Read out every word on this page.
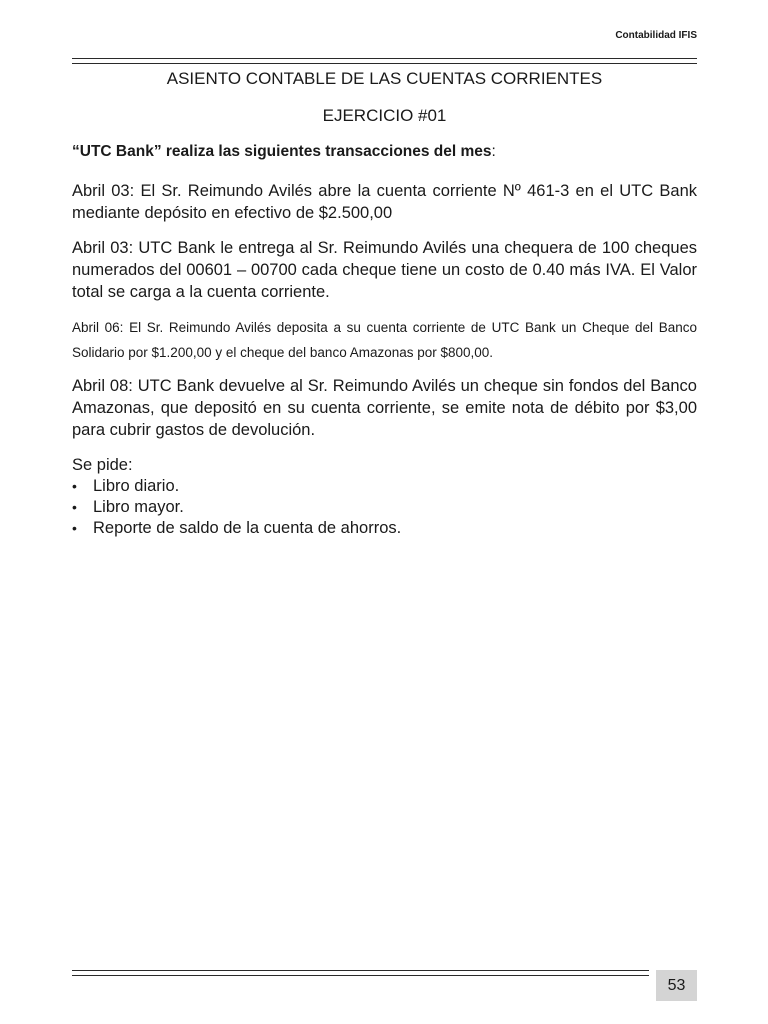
Contabilidad IFIS
ASIENTO CONTABLE DE LAS CUENTAS CORRIENTES
EJERCICIO #01
“UTC Bank” realiza las siguientes transacciones del mes:

Abril 03: El Sr. Reimundo Avilés abre la cuenta corriente Nº 461-3 en el UTC Bank mediante depósito en efectivo de $2.500,00

Abril 03: UTC Bank le entrega al Sr. Reimundo Avilés una chequera de 100 cheques numerados del 00601 – 00700 cada cheque tiene un costo de 0.40 más IVA. El Valor total se carga a la cuenta corriente.

Abril 06: El Sr. Reimundo Avilés deposita a su cuenta corriente de UTC Bank un Cheque del Banco Solidario por $1.200,00 y el cheque del banco Amazonas por $800,00.

Abril 08: UTC Bank devuelve al Sr. Reimundo Avilés un cheque sin fondos del Banco Amazonas, que depositó en su cuenta corriente, se emite nota de débito por $3,00 para cubrir gastos de devolución.

Se pide:
• Libro diario.
• Libro mayor.
• Reporte de saldo de la cuenta de ahorros.
53
